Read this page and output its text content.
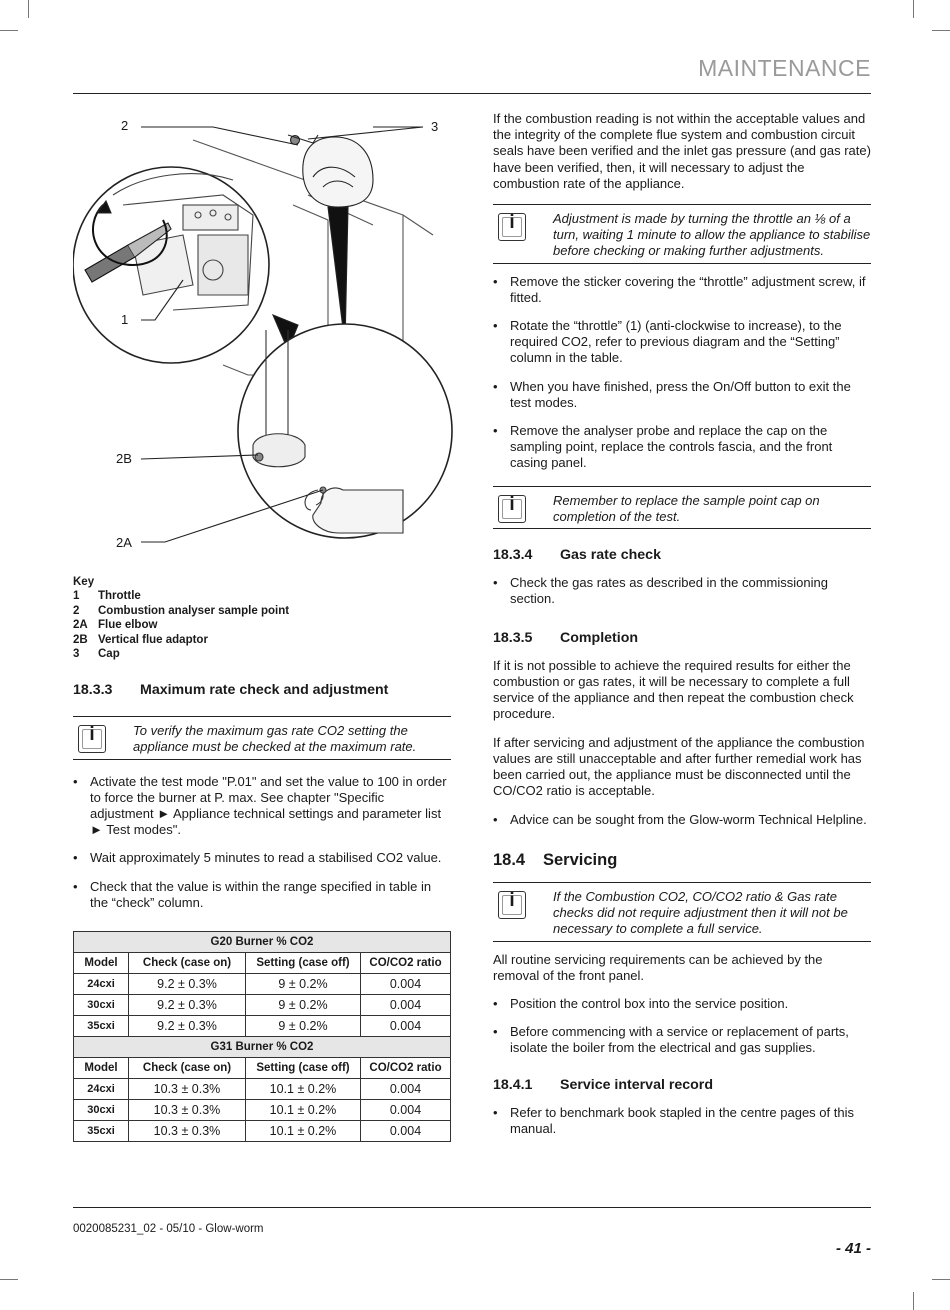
MAINTENANCE
2	3
1
2B
2A
Key
1	Throttle
2	Combustion analyser sample point
2A Flue elbow
2B Vertical flue adaptor
3	Cap
18.3.3	Maximum rate check and adjustment
i
To verify the maximum gas rate CO2 setting the appliance must be checked at the maximum rate.
• Activate the test mode "P.01" and set the value to 100 in order to force the burner at P. max. See chapter "Specific adjustment ► Appliance technical settings and parameter list ► Test modes".
• Wait approximately 5 minutes to read a stabilised CO2 value.
• Check that the value is within the range specified in table in the “check” column.
G20 Burner % CO2			
Model	Check (case on)	Setting (case off)	CO/CO2 ratio
24cxi	9.2 ± 0.3%	9 ± 0.2%	0.004
30cxi	9.2 ± 0.3%	9 ± 0.2%	0.004
35cxi	9.2 ± 0.3%	9 ± 0.2%	0.004
G31 Burner % CO2			
Model	Check (case on)	Setting (case off)	CO/CO2 ratio
24cxi	10.3 ± 0.3%	10.1 ± 0.2%	0.004
30cxi	10.3 ± 0.3%	10.1 ± 0.2%	0.004
35cxi	10.3 ± 0.3%	10.1 ± 0.2%	0.004

If the combustion reading is not within the acceptable values and the integrity of the complete flue system and combustion circuit seals have been verified and the inlet gas pressure (and gas rate) have been verified, then, it will necessary to adjust the combustion rate of the appliance.

i
Adjustment is made by turning the throttle an ⅛ of a turn, waiting 1 minute to allow the appliance to stabilise before checking or making further adjustments.
• Remove the sticker covering the “throttle” adjustment screw, if fitted.
• Rotate the “throttle” (1) (anti-clockwise to increase), to the required CO2, refer to previous diagram and the “Setting” column in the table.
• When you have finished, press the On/Off button to exit the test modes.
• Remove the analyser probe and replace the cap on the sampling point, replace the controls fascia, and the front casing panel.
i
Remember to replace the sample point cap on completion of the test.
18.3.4	Gas rate check
• Check the gas rates as described in the commissioning section.
18.3.5	Completion

If it is not possible to achieve the required results for either the combustion or gas rates, it will be necessary to complete a full service of the appliance and then repeat the combustion check procedure.

If after servicing and adjustment of the appliance the combustion values are still unacceptable and after further remedial work has been carried out, the appliance must be disconnected until the CO/CO2 ratio is acceptable.

• Advice can be sought from the Glow-worm Technical Helpline.
18.4	Servicing
i
If the Combustion CO2, CO/CO2 ratio & Gas rate checks did not require adjustment then it will not be necessary to complete a full service.

All routine servicing requirements can be achieved by the removal of the front panel.

• Position the control box into the service position.
• Before commencing with a service or replacement of parts, isolate the boiler from the electrical and gas supplies.
18.4.1	Service interval record
• Refer to benchmark book stapled in the centre pages of this manual.
0020085231_02 - 05/10 - Glow-worm
- 41 -
